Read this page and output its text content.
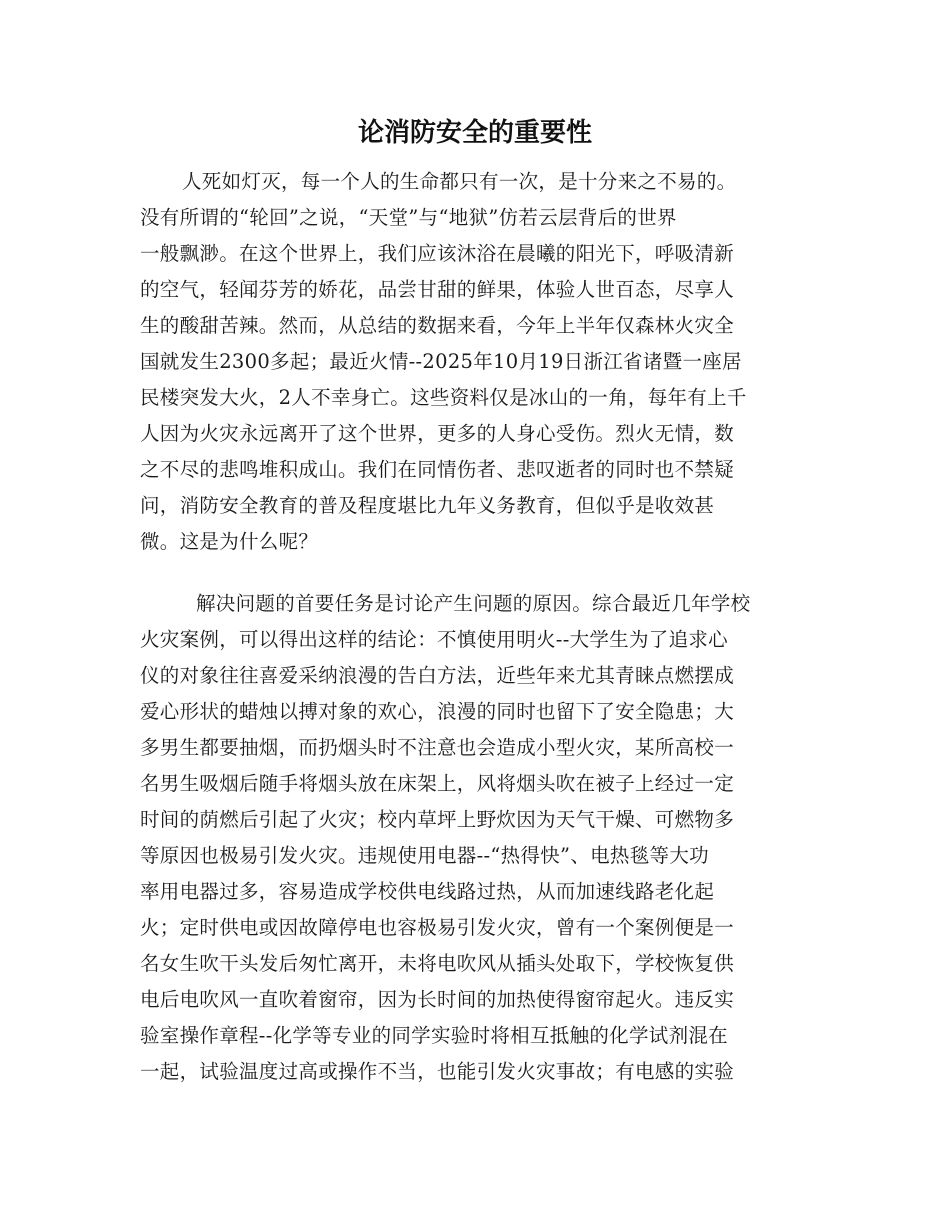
论消防安全的重要性

人死如灯灭，每一个人的生命都只有一次，是十分来之不易的。

没有所谓的“轮回”之说，“天堂”与“地狱”仿若云层背后的世界

一般飘渺。在这个世界上，我们应该沐浴在晨曦的阳光下，呼吸清新

的空气，轻闻芬芳的娇花，品尝甘甜的鲜果，体验人世百态，尽享人

生的酸甜苦辣。然而，从总结的数据来看，今年上半年仅森林火灾全

国就发生2300多起；最近火情--2025年10月19日浙江省诸暨一座居

民楼突发大火，2人不幸身亡。这些资料仅是冰山的一角，每年有上千

人因为火灾永远离开了这个世界，更多的人身心受伤。烈火无情，数

之不尽的悲鸣堆积成山。我们在同情伤者、悲叹逝者的同时也不禁疑

问，消防安全教育的普及程度堪比九年义务教育，但似乎是收效甚

微。这是为什么呢？

解决问题的首要任务是讨论产生问题的原因。综合最近几年学校

火灾案例，可以得出这样的结论：不慎使用明火--大学生为了追求心

仪的对象往往喜爱采纳浪漫的告白方法，近些年来尤其青睐点燃摆成

爱心形状的蜡烛以搏对象的欢心，浪漫的同时也留下了安全隐患；大

多男生都要抽烟，而扔烟头时不注意也会造成小型火灾，某所高校一

名男生吸烟后随手将烟头放在床架上，风将烟头吹在被子上经过一定

时间的荫燃后引起了火灾；校内草坪上野炊因为天气干燥、可燃物多

等原因也极易引发火灾。违规使用电器--“热得快”、电热毯等大功

率用电器过多，容易造成学校供电线路过热，从而加速线路老化起

火；定时供电或因故障停电也容极易引发火灾，曾有一个案例便是一

名女生吹干头发后匆忙离开，未将电吹风从插头处取下，学校恢复供

电后电吹风一直吹着窗帘，因为长时间的加热使得窗帘起火。违反实

验室操作章程--化学等专业的同学实验时将相互抵触的化学试剂混在

一起，试验温度过高或操作不当，也能引发火灾事故；有电感的实验
